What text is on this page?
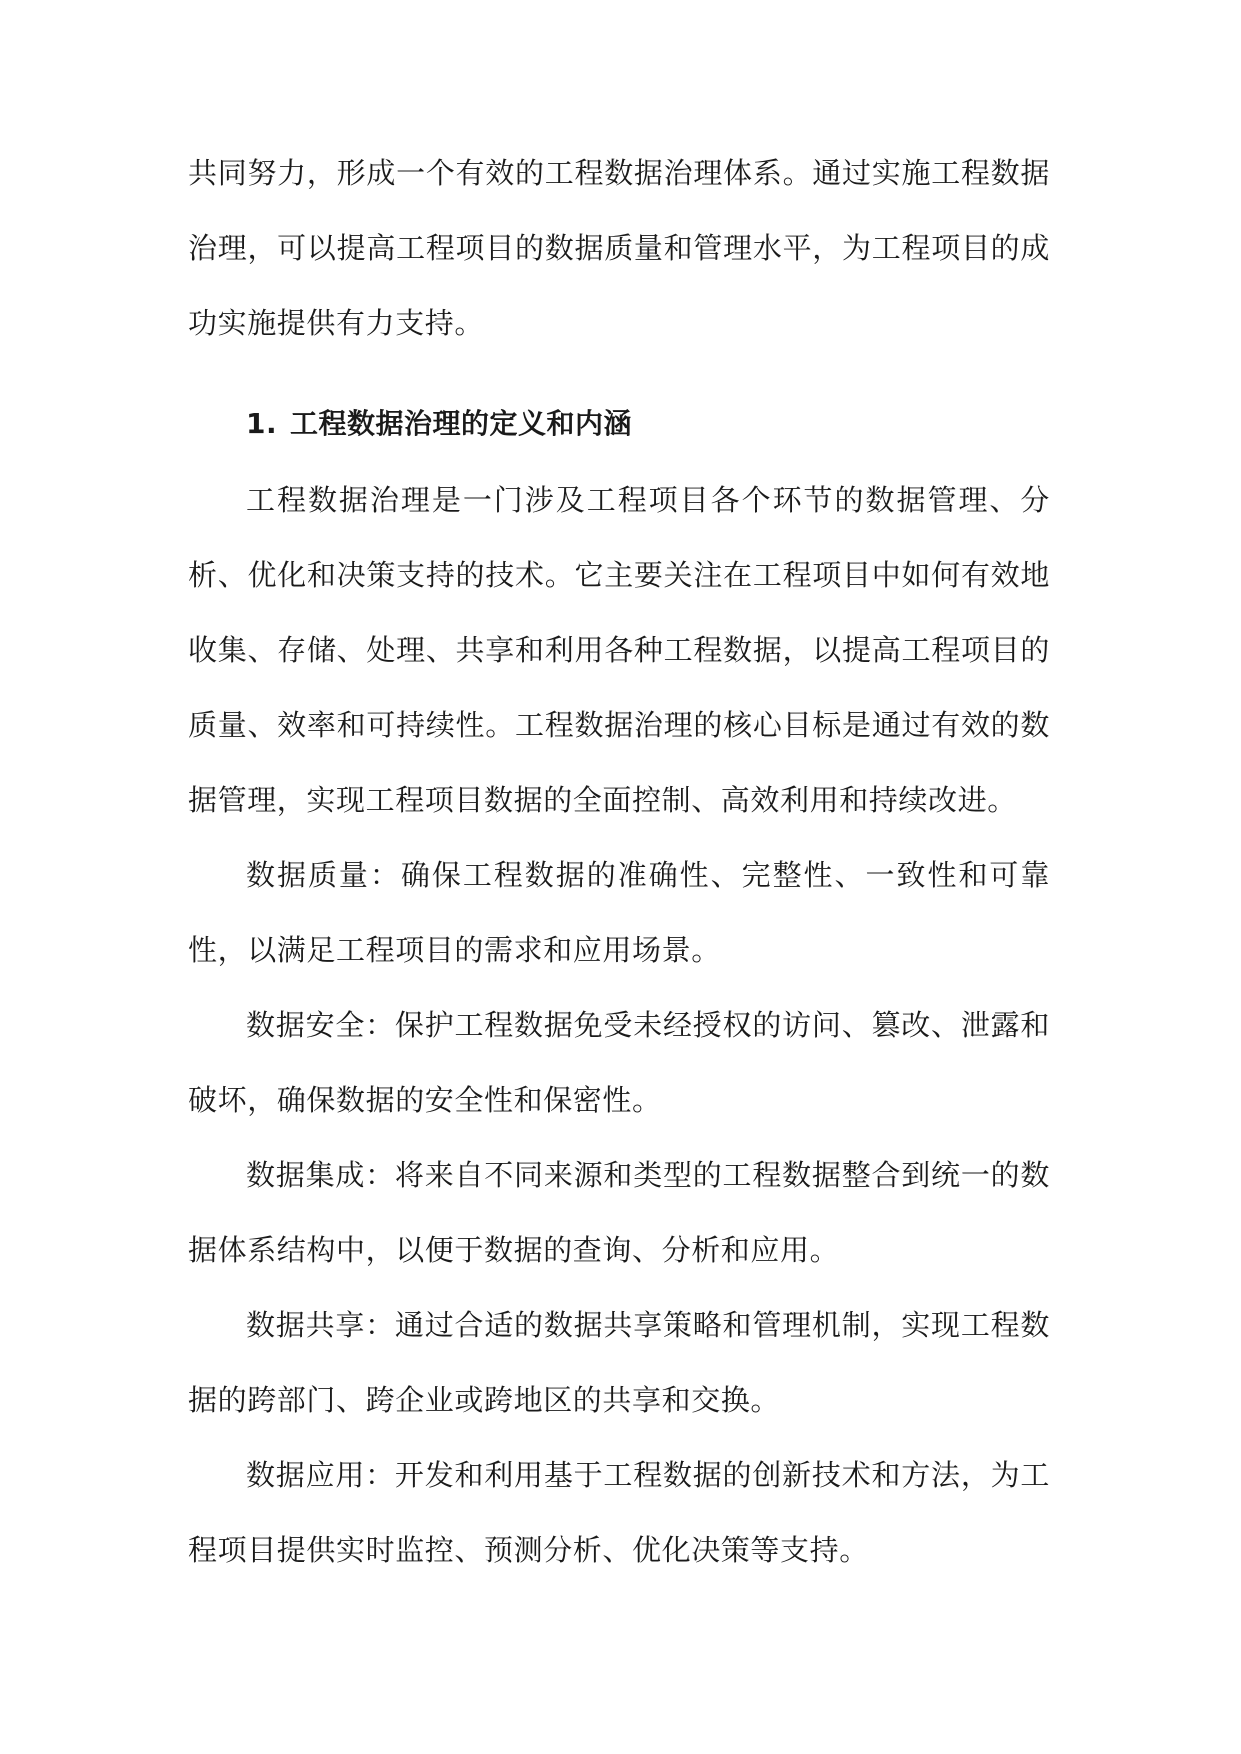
共同努力，形成一个有效的工程数据治理体系。通过实施工程数据治理，可以提高工程项目的数据质量和管理水平，为工程项目的成功实施提供有力支持。

1. 工程数据治理的定义和内涵

工程数据治理是一门涉及工程项目各个环节的数据管理、分析、优化和决策支持的技术。它主要关注在工程项目中如何有效地收集、存储、处理、共享和利用各种工程数据，以提高工程项目的质量、效率和可持续性。工程数据治理的核心目标是通过有效的数据管理，实现工程项目数据的全面控制、高效利用和持续改进。

数据质量：确保工程数据的准确性、完整性、一致性和可靠性，以满足工程项目的需求和应用场景。

数据安全：保护工程数据免受未经授权的访问、篡改、泄露和破坏，确保数据的安全性和保密性。

数据集成：将来自不同来源和类型的工程数据整合到统一的数据体系结构中，以便于数据的查询、分析和应用。

数据共享：通过合适的数据共享策略和管理机制，实现工程数据的跨部门、跨企业或跨地区的共享和交换。

数据应用：开发和利用基于工程数据的创新技术和方法，为工程项目提供实时监控、预测分析、优化决策等支持。
